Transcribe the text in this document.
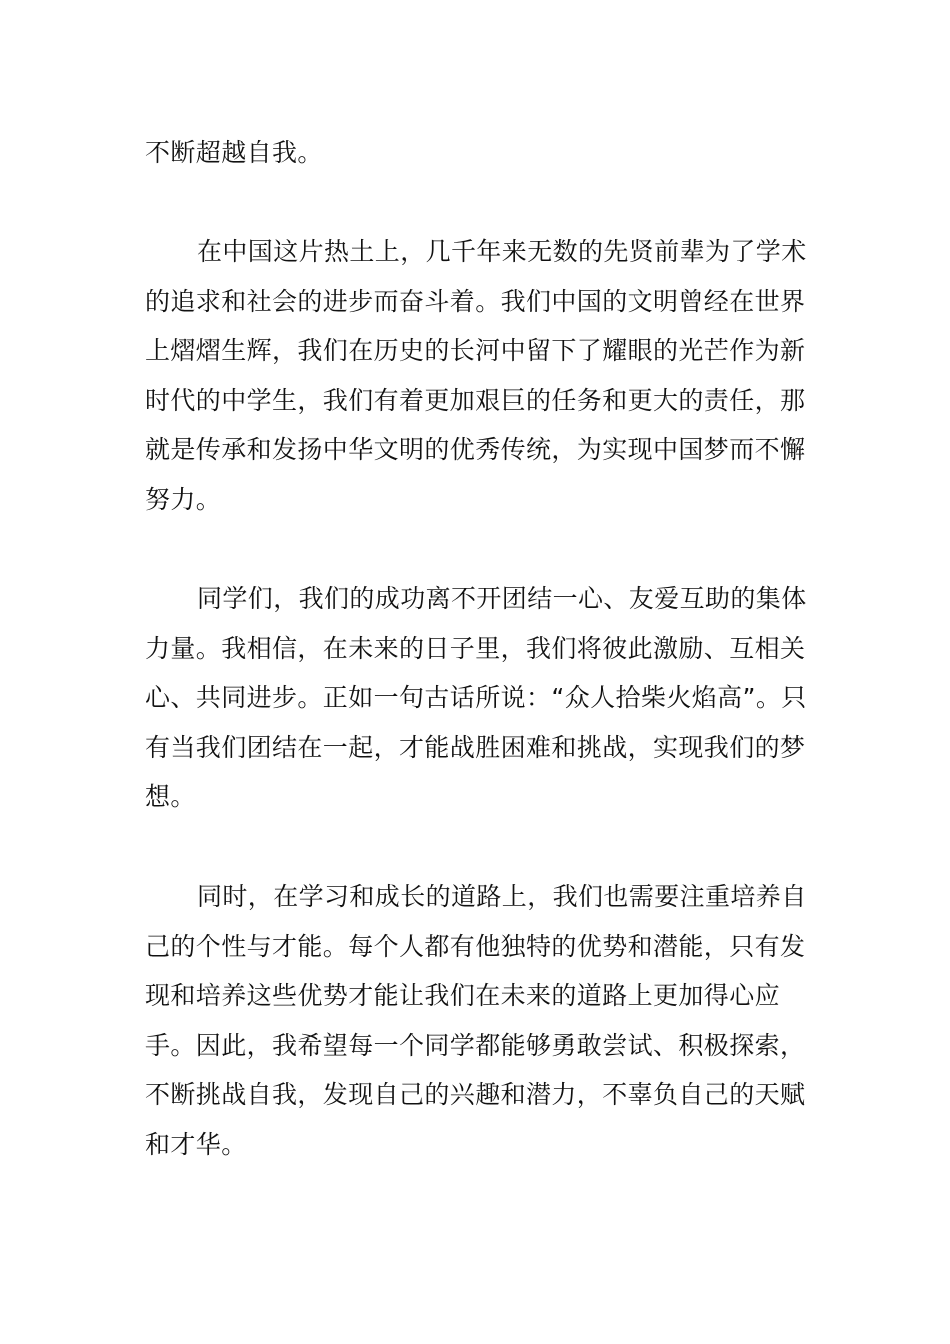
不断超越自我。

在中国这片热土上，几千年来无数的先贤前辈为了学术的追求和社会的进步而奋斗着。我们中国的文明曾经在世界上熠熠生辉，我们在历史的长河中留下了耀眼的光芒作为新时代的中学生，我们有着更加艰巨的任务和更大的责任，那就是传承和发扬中华文明的优秀传统，为实现中国梦而不懈努力。

同学们，我们的成功离不开团结一心、友爱互助的集体力量。我相信，在未来的日子里，我们将彼此激励、互相关心、共同进步。正如一句古话所说：“众人拾柴火焰高”。只有当我们团结在一起，才能战胜困难和挑战，实现我们的梦想。

同时，在学习和成长的道路上，我们也需要注重培养自己的个性与才能。每个人都有他独特的优势和潜能，只有发现和培养这些优势才能让我们在未来的道路上更加得心应手。因此，我希望每一个同学都能够勇敢尝试、积极探索，不断挑战自我，发现自己的兴趣和潜力，不辜负自己的天赋和才华。
